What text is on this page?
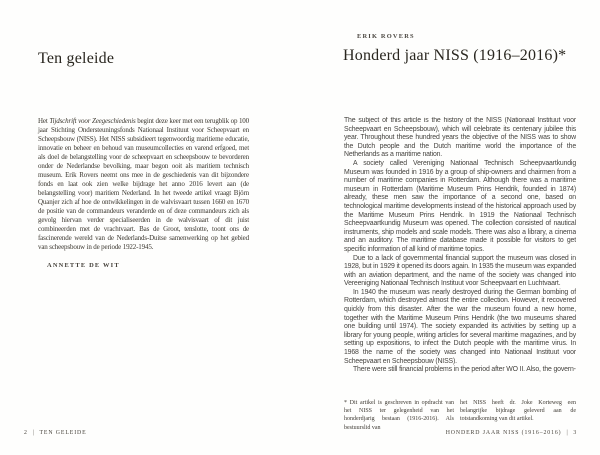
Ten geleide
Het Tijdschrift voor Zeegeschiedenis begint deze keer met een terugblik op 100 jaar Stichting Ondersteuningsfonds Nationaal Instituut voor Scheepvaart en Scheepsbouw (NISS). Het NISS subsidieert tegenwoordig maritieme educatie, innovatie en beheer en behoud van museumcollecties en varend erfgoed, met als doel de belangstelling voor de scheepvaart en scheepsbouw te bevorderen onder de Nederlandse bevolking, maar begon ooit als maritiem technisch museum. Erik Rovers neemt ons mee in de geschiedenis van dit bijzondere fonds en laat ook zien welke bijdrage het anno 2016 levert aan (de belangstelling voor) maritiem Nederland. In het tweede artikel vraagt Björn Quanjer zich af hoe de ontwikkelingen in de walvisvaart tussen 1660 en 1670 de positie van de commandeurs veranderde en of deze commandeurs zich als gevolg hiervan verder specialiseerden in de walvisvaart of dit juist combineerden met de vrachtvaart. Bas de Groot, tenslotte, toont ons de fascinerende wereld van de Nederlands-Duitse samenwerking op het gebied van scheepsbouw in de periode 1922-1945.
ANNETTE DE WIT
2 | TEN GELEIDE
ERIK ROVERS
Honderd jaar NISS (1916–2016)*

The subject of this article is the history of the NISS (Nationaal Instituut voor Scheepvaart en Scheepsbouw), which will celebrate its centenary jubilee this year. Throughout these hundred years the objective of the NISS was to show the Dutch people and the Dutch maritime world the importance of the Netherlands as a maritime nation.

A society called Vereniging Nationaal Technisch Scheepvaartkundig Museum was founded in 1916 by a group of ship-owners and chairmen from a number of maritime companies in Rotterdam. Although there was a maritime museum in Rotterdam (Maritime Museum Prins Hendrik, founded in 1874) already, these men saw the importance of a second one, based on technological maritime developments instead of the historical approach used by the Maritime Museum Prins Hendrik. In 1919 the Nationaal Technisch Scheepvaartkundig Museum was opened. The collection consisted of nautical instruments, ship models and scale models. There was also a library, a cinema and an auditory. The maritime database made it possible for visitors to get specific information of all kind of maritime topics.

Due to a lack of governmental financial support the museum was closed in 1928, but in 1929 it opened its doors again. In 1935 the museum was expanded with an aviation department, and the name of the society was changed into Vereeniging Nationaal Technisch Instituut voor Scheepvaart en Luchtvaart.

In 1940 the museum was nearly destroyed during the German bombing of Rotterdam, which destroyed almost the entire collection. However, it recovered quickly from this disaster. After the war the museum found a new home, together with the Maritime Museum Prins Hendrik (the two museums shared one building until 1974). The society expanded its activities by setting up a library for young people, writing articles for several maritime magazines, and by setting up expositions, to infect the Dutch people with the maritime virus. In 1968 the name of the society was changed into Nationaal Instituut voor Scheepvaart en Scheepsbouw (NISS).

There were still financial problems in the period after WO II. Also, the govern-

* Dit artikel is geschreven in opdracht van het NISS ter gelegenheid van het honderdjarig bestaan (1916-2016). Als bestuurslid van
het NISS heeft dr. Joke Korteweg een belangrijke bijdrage geleverd aan de totstandkoming van dit artikel.
HONDERD JAAR NISS (1916–2016) | 3
